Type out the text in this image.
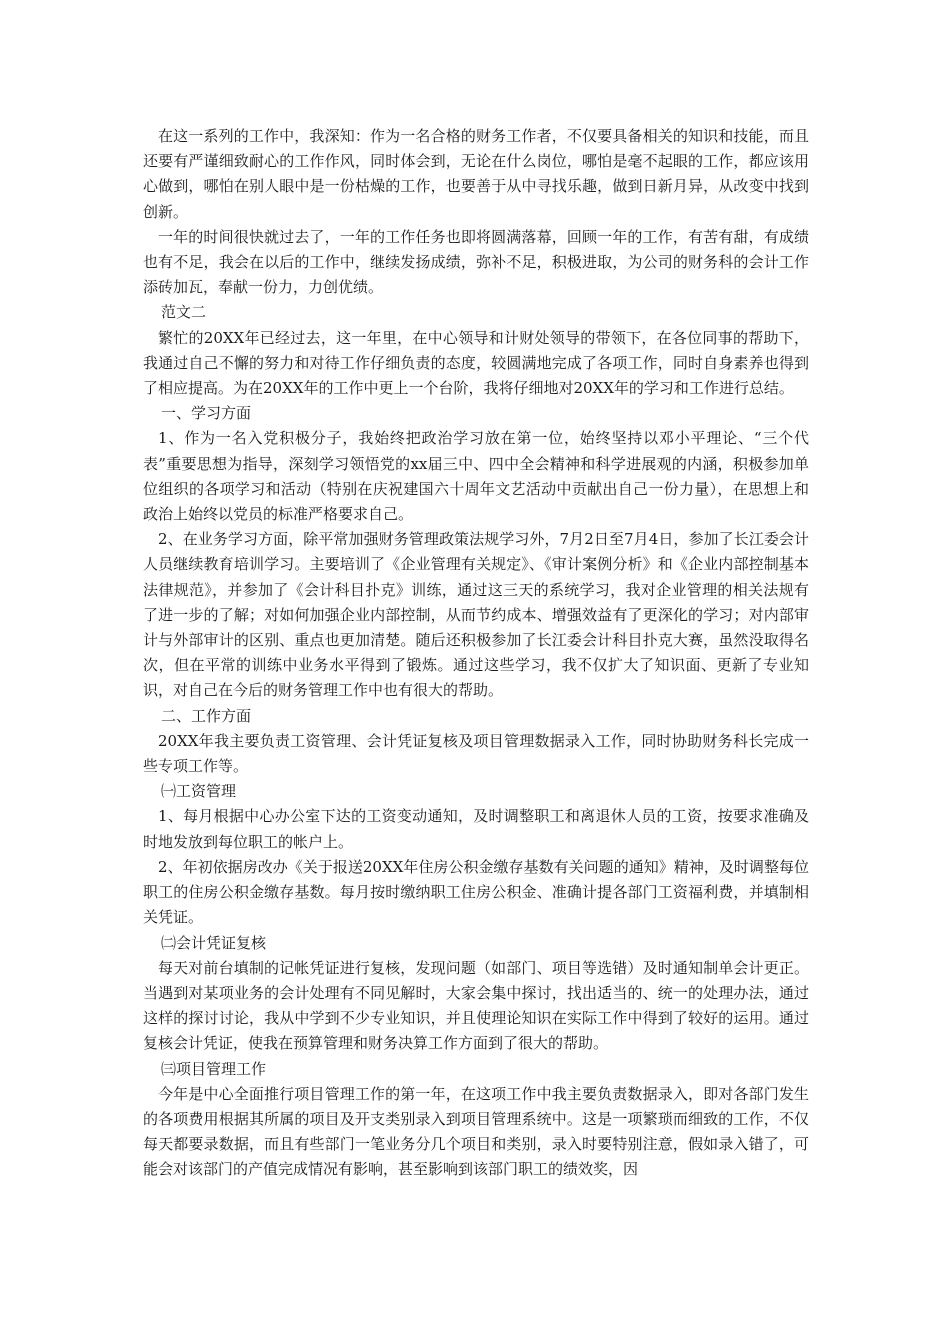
在这一系列的工作中，我深知：作为一名合格的财务工作者，不仅要具备相关的知识和技能，而且还要有严谨细致耐心的工作作风，同时体会到，无论在什么岗位，哪怕是毫不起眼的工作，都应该用心做到，哪怕在别人眼中是一份枯燥的工作，也要善于从中寻找乐趣，做到日新月异，从改变中找到创新。

一年的时间很快就过去了，一年的工作任务也即将圆满落幕，回顾一年的工作，有苦有甜，有成绩也有不足，我会在以后的工作中，继续发扬成绩，弥补不足，积极进取，为公司的财务科的会计工作添砖加瓦，奉献一份力，力创优绩。

范文二

繁忙的20XX年已经过去，这一年里，在中心领导和计财处领导的带领下，在各位同事的帮助下，我通过自己不懈的努力和对待工作仔细负责的态度，较圆满地完成了各项工作，同时自身素养也得到了相应提高。为在20XX年的工作中更上一个台阶，我将仔细地对20XX年的学习和工作进行总结。

一、学习方面

1、作为一名入党积极分子，我始终把政治学习放在第一位，始终坚持以邓小平理论、“三个代表”重要思想为指导，深刻学习领悟党的xx届三中、四中全会精神和科学进展观的内涵，积极参加单位组织的各项学习和活动（特别在庆祝建国六十周年文艺活动中贡献出自己一份力量），在思想上和政治上始终以党员的标准严格要求自己。

2、在业务学习方面，除平常加强财务管理政策法规学习外，7月2日至7月4日，参加了长江委会计人员继续教育培训学习。主要培训了《企业管理有关规定》、《审计案例分析》和《企业内部控制基本法律规范》，并参加了《会计科目扑克》训练，通过这三天的系统学习，我对企业管理的相关法规有了进一步的了解；对如何加强企业内部控制，从而节约成本、增强效益有了更深化的学习；对内部审计与外部审计的区别、重点也更加清楚。随后还积极参加了长江委会计科目扑克大赛，虽然没取得名次，但在平常的训练中业务水平得到了锻炼。通过这些学习，我不仅扩大了知识面、更新了专业知识，对自己在今后的财务管理工作中也有很大的帮助。

二、工作方面

20XX年我主要负责工资管理、会计凭证复核及项目管理数据录入工作，同时协助财务科长完成一些专项工作等。

㈠工资管理

1、每月根据中心办公室下达的工资变动通知，及时调整职工和离退休人员的工资，按要求准确及时地发放到每位职工的帐户上。

2、年初依据房改办《关于报送20XX年住房公积金缴存基数有关问题的通知》精神，及时调整每位职工的住房公积金缴存基数。每月按时缴纳职工住房公积金、准确计提各部门工资福利费，并填制相关凭证。

㈡会计凭证复核

每天对前台填制的记帐凭证进行复核，发现问题（如部门、项目等选错）及时通知制单会计更正。当遇到对某项业务的会计处理有不同见解时，大家会集中探讨，找出适当的、统一的处理办法，通过这样的探讨讨论，我从中学到不少专业知识，并且使理论知识在实际工作中得到了较好的运用。通过复核会计凭证，使我在预算管理和财务决算工作方面到了很大的帮助。

㈢项目管理工作

今年是中心全面推行项目管理工作的第一年，在这项工作中我主要负责数据录入，即对各部门发生的各项费用根据其所属的项目及开支类别录入到项目管理系统中。这是一项繁琐而细致的工作，不仅每天都要录数据，而且有些部门一笔业务分几个项目和类别，录入时要特别注意，假如录入错了，可能会对该部门的产值完成情况有影响，甚至影响到该部门职工的绩效奖，因
